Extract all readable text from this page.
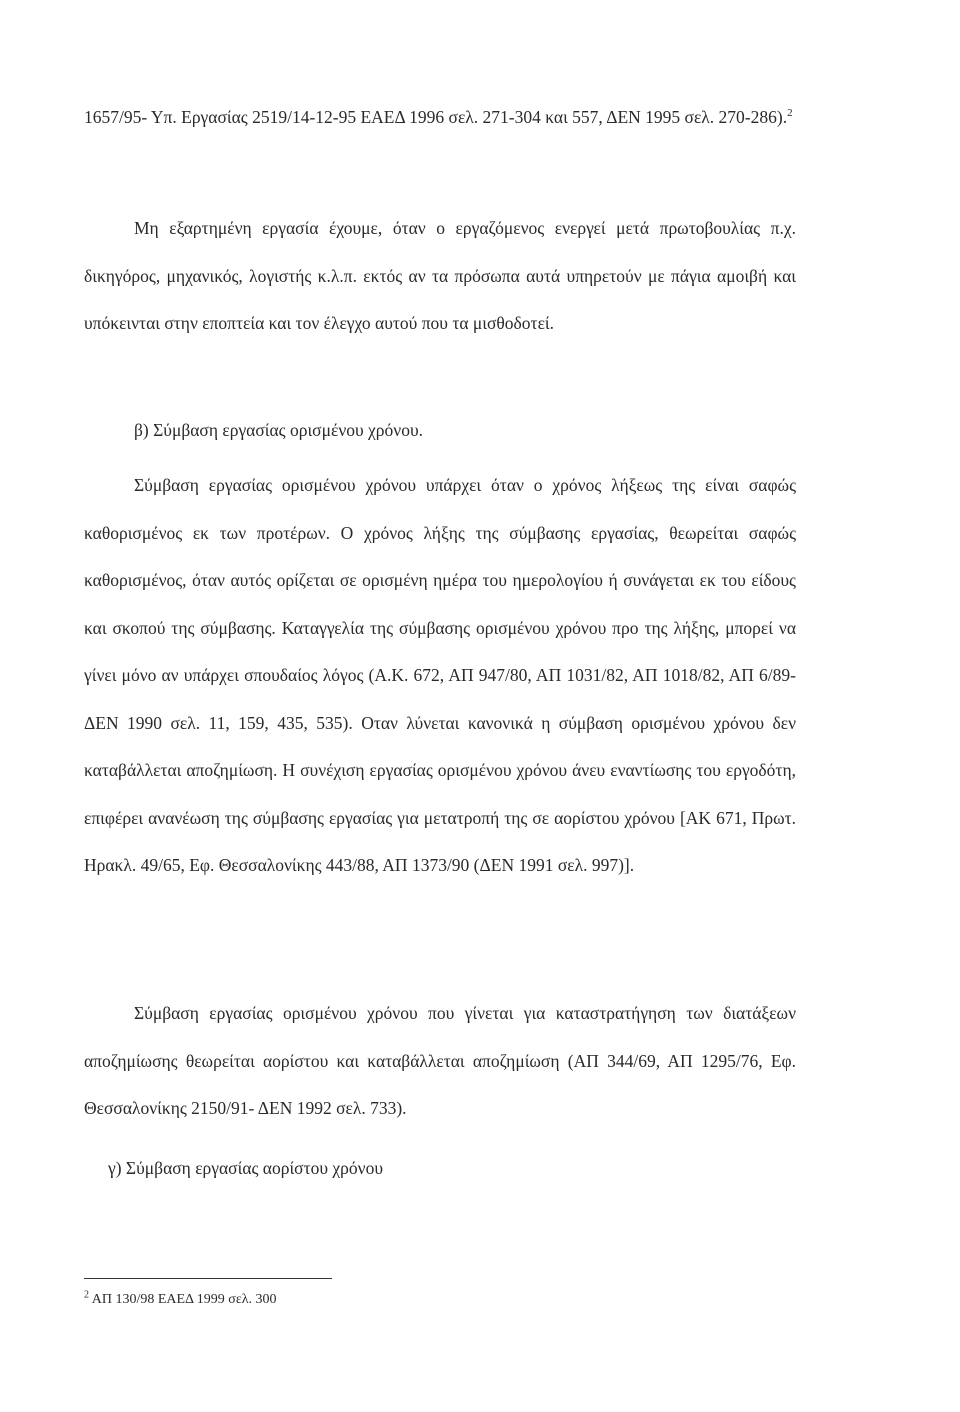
1657/95- Υπ. Εργασίας 2519/14-12-95 ΕΑΕΔ 1996 σελ. 271-304 και 557, ΔΕΝ 1995 σελ. 270-286).$^2$

Μη εξαρτημένη εργασία έχουμε, όταν ο εργαζόμενος ενεργεί μετά πρωτοβουλίας π.χ. δικηγόρος, μηχανικός, λογιστής κ.λ.π. εκτός αν τα πρόσωπα αυτά υπηρετούν με πάγια αμοιβή και υπόκεινται στην εποπτεία και τον έλεγχο αυτού που τα μισθοδοτεί.

β) Σύμβαση εργασίας ορισμένου χρόνου.

Σύμβαση εργασίας ορισμένου χρόνου υπάρχει όταν ο χρόνος λήξεως της είναι σαφώς καθορισμένος εκ των προτέρων. Ο χρόνος λήξης της σύμβασης εργασίας, θεωρείται σαφώς καθορισμένος, όταν αυτός ορίζεται σε ορισμένη ημέρα του ημερολογίου ή συνάγεται εκ του είδους και σκοπού της σύμβασης. Καταγγελία της σύμβασης ορισμένου χρόνου προ της λήξης, μπορεί να γίνει μόνο αν υπάρχει σπουδαίος λόγος (Α.Κ. 672, ΑΠ 947/80, ΑΠ 1031/82, ΑΠ 1018/82, ΑΠ 6/89-ΔΕΝ 1990 σελ. 11, 159, 435, 535). Οταν λύνεται κανονικά η σύμβαση ορισμένου χρόνου δεν καταβάλλεται αποζημίωση. Η συνέχιση εργασίας ορισμένου χρόνου άνευ εναντίωσης του εργοδότη, επιφέρει ανανέωση της σύμβασης εργασίας για μετατροπή της σε αορίστου χρόνου [ΑΚ 671, Πρωτ. Ηρακλ. 49/65, Εφ. Θεσσαλονίκης 443/88, ΑΠ 1373/90 (ΔΕΝ 1991 σελ. 997)].

Σύμβαση εργασίας ορισμένου χρόνου που γίνεται για καταστρατήγηση των διατάξεων αποζημίωσης θεωρείται αορίστου και καταβάλλεται αποζημίωση (ΑΠ 344/69, ΑΠ 1295/76, Εφ. Θεσσαλονίκης 2150/91- ΔΕΝ 1992 σελ. 733).

γ) Σύμβαση εργασίας αορίστου χρόνου

$^2$ ΑΠ 130/98 ΕΑΕΔ 1999 σελ. 300
